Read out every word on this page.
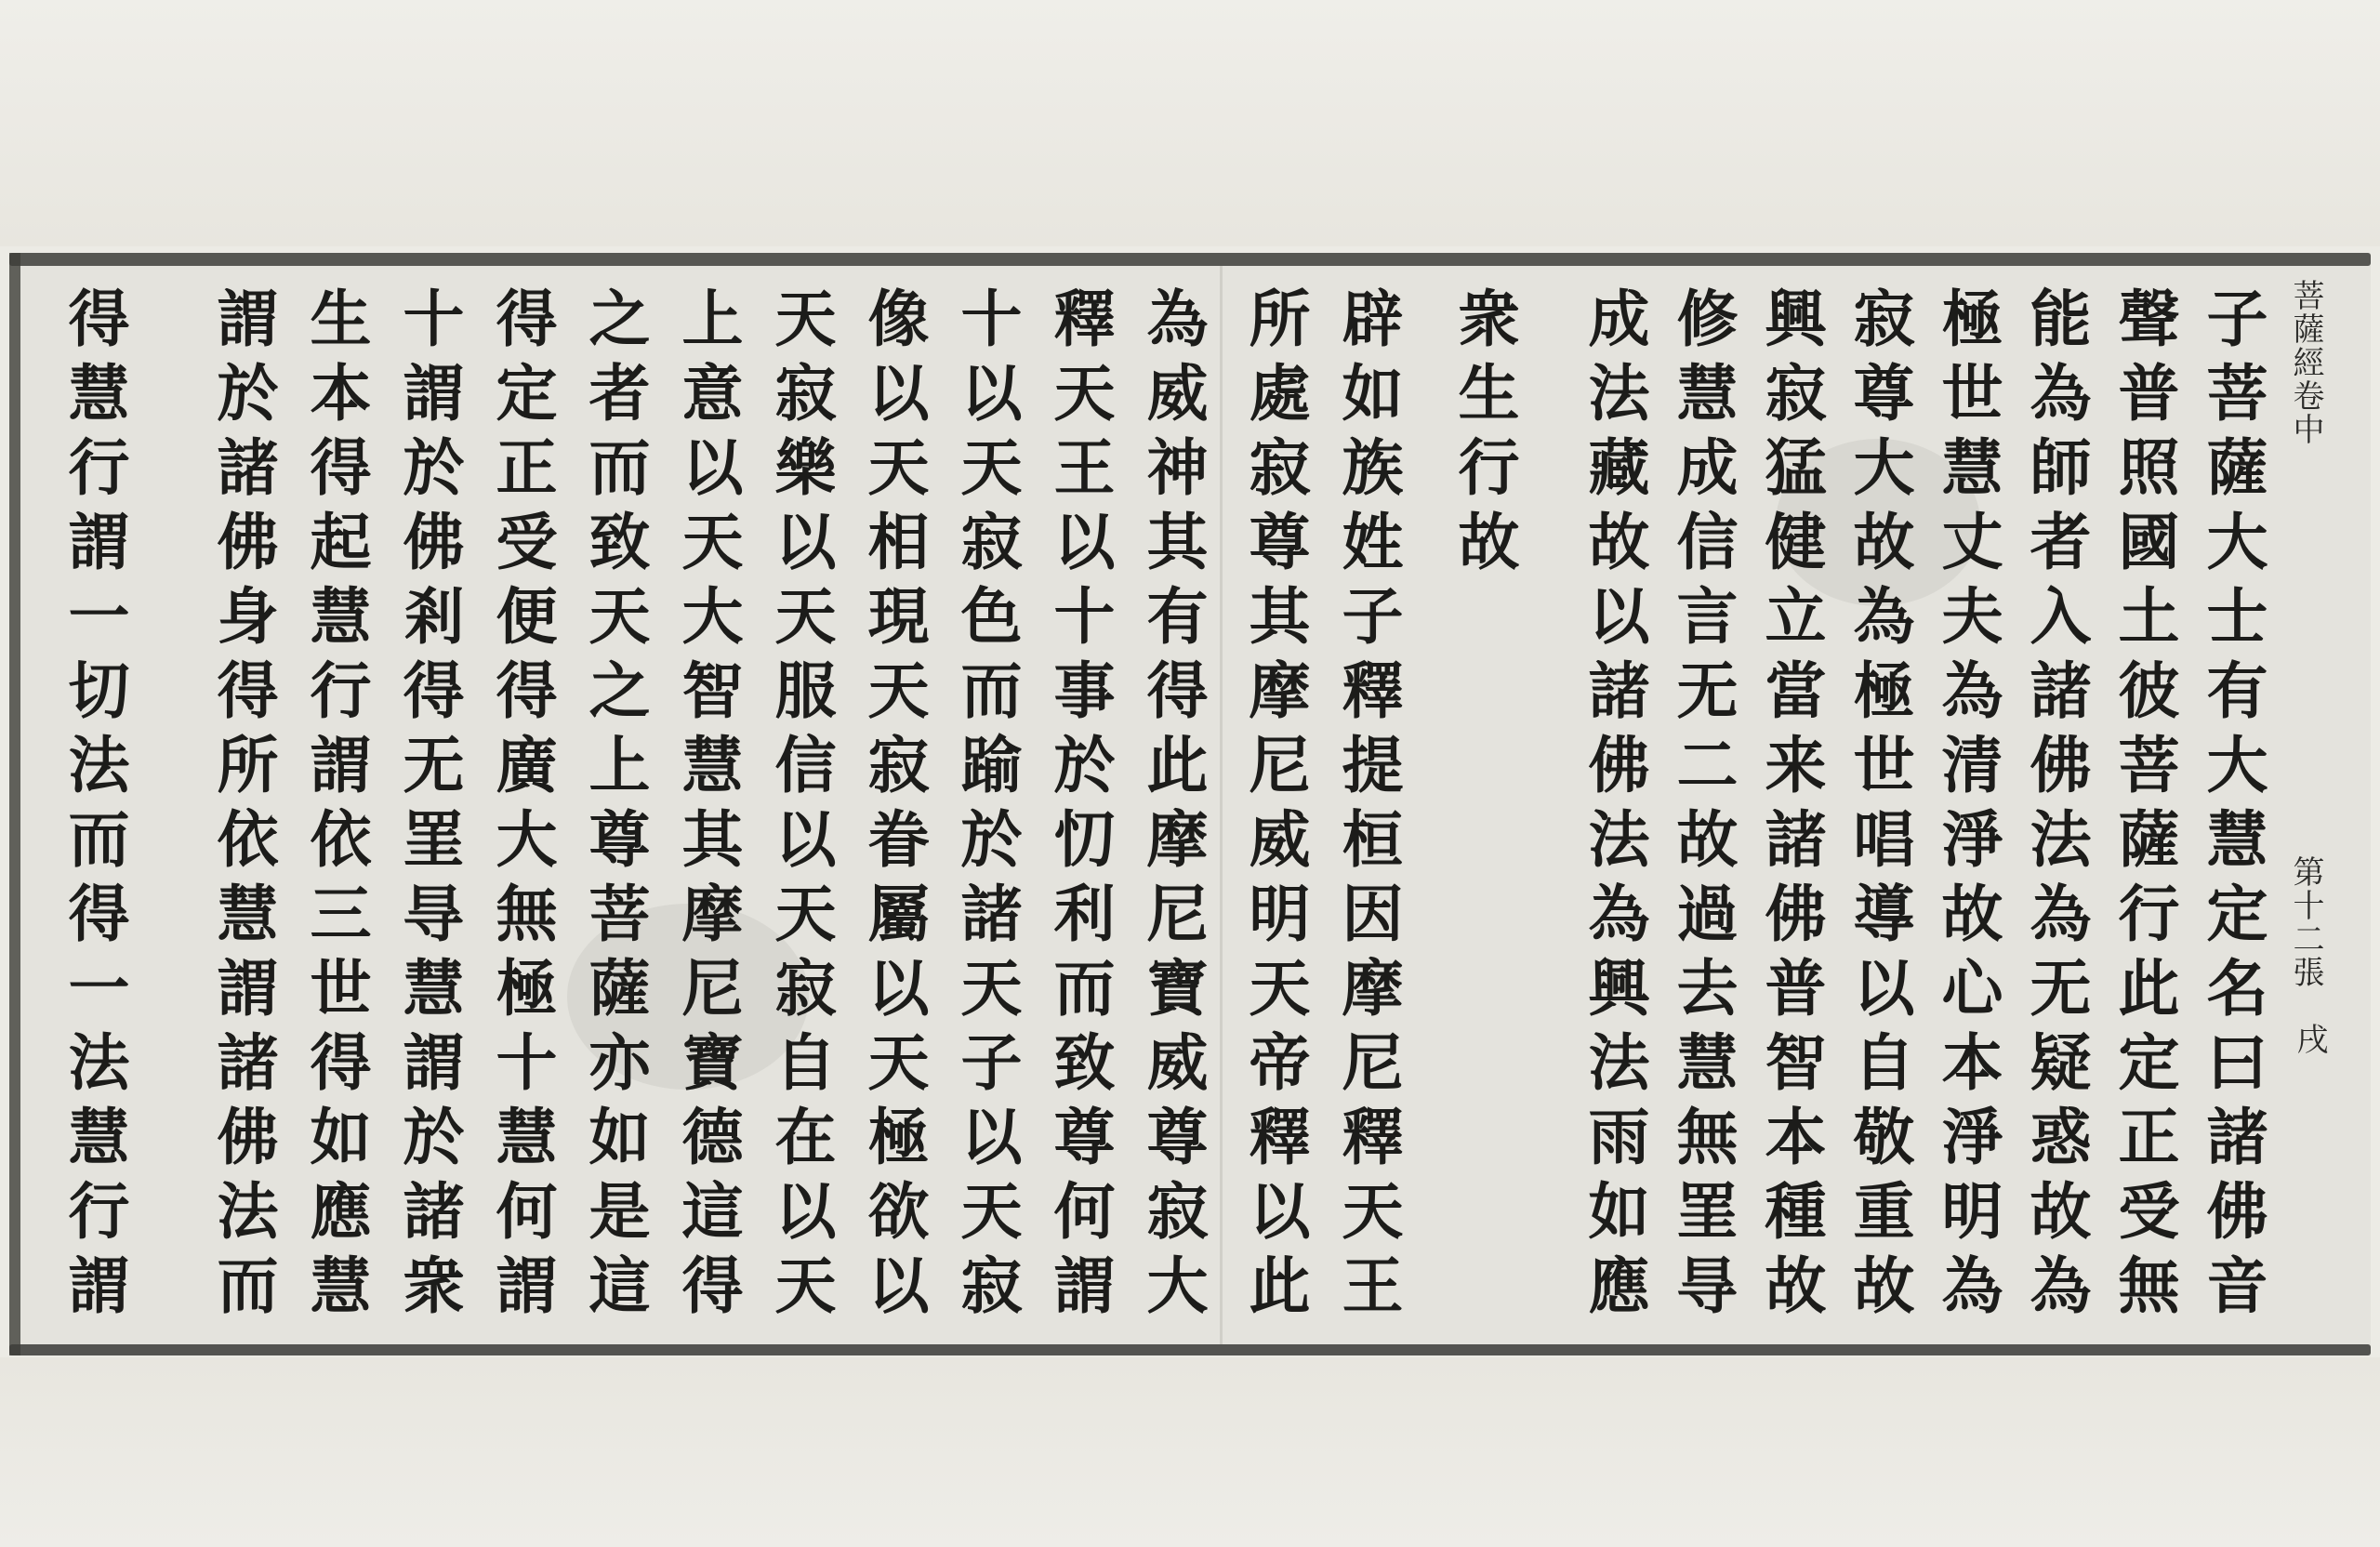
子菩薩大士有大慧定名曰諸佛音
聲普照國土彼菩薩行此定正受無
能為師者入諸佛法為无疑惑故為
極世慧丈夫為清淨故心本淨明為
寂尊大故為極世唱導以自敬重故
興寂猛健立當来諸佛普智本種故
修慧成信言无二故過去慧無罣㝵
成法藏故以諸佛法為興法雨如應
衆生行故
辟如族姓子釋提桓因摩尼釋天王
所處寂尊其摩尼威明天帝釋以此
為威神其有得此摩尼寶威尊寂大
釋天王以十事於忉利而致尊何謂
十以天寂色而踰於諸天子以天寂
像以天相現天寂眷屬以天極欲以
天寂樂以天服信以天寂自在以天
上意以天大智慧其摩尼寶德這得
之者而致天之上尊菩薩亦如是這
得定正受便得廣大無極十慧何謂
十謂於佛剎得无罣㝵慧謂於諸衆
生本得起慧行謂依三世得如應慧
謂於諸佛身得所依慧謂諸佛法而
得慧行謂一切法而得一法慧行謂	菩薩經卷中
第十二張
戌
